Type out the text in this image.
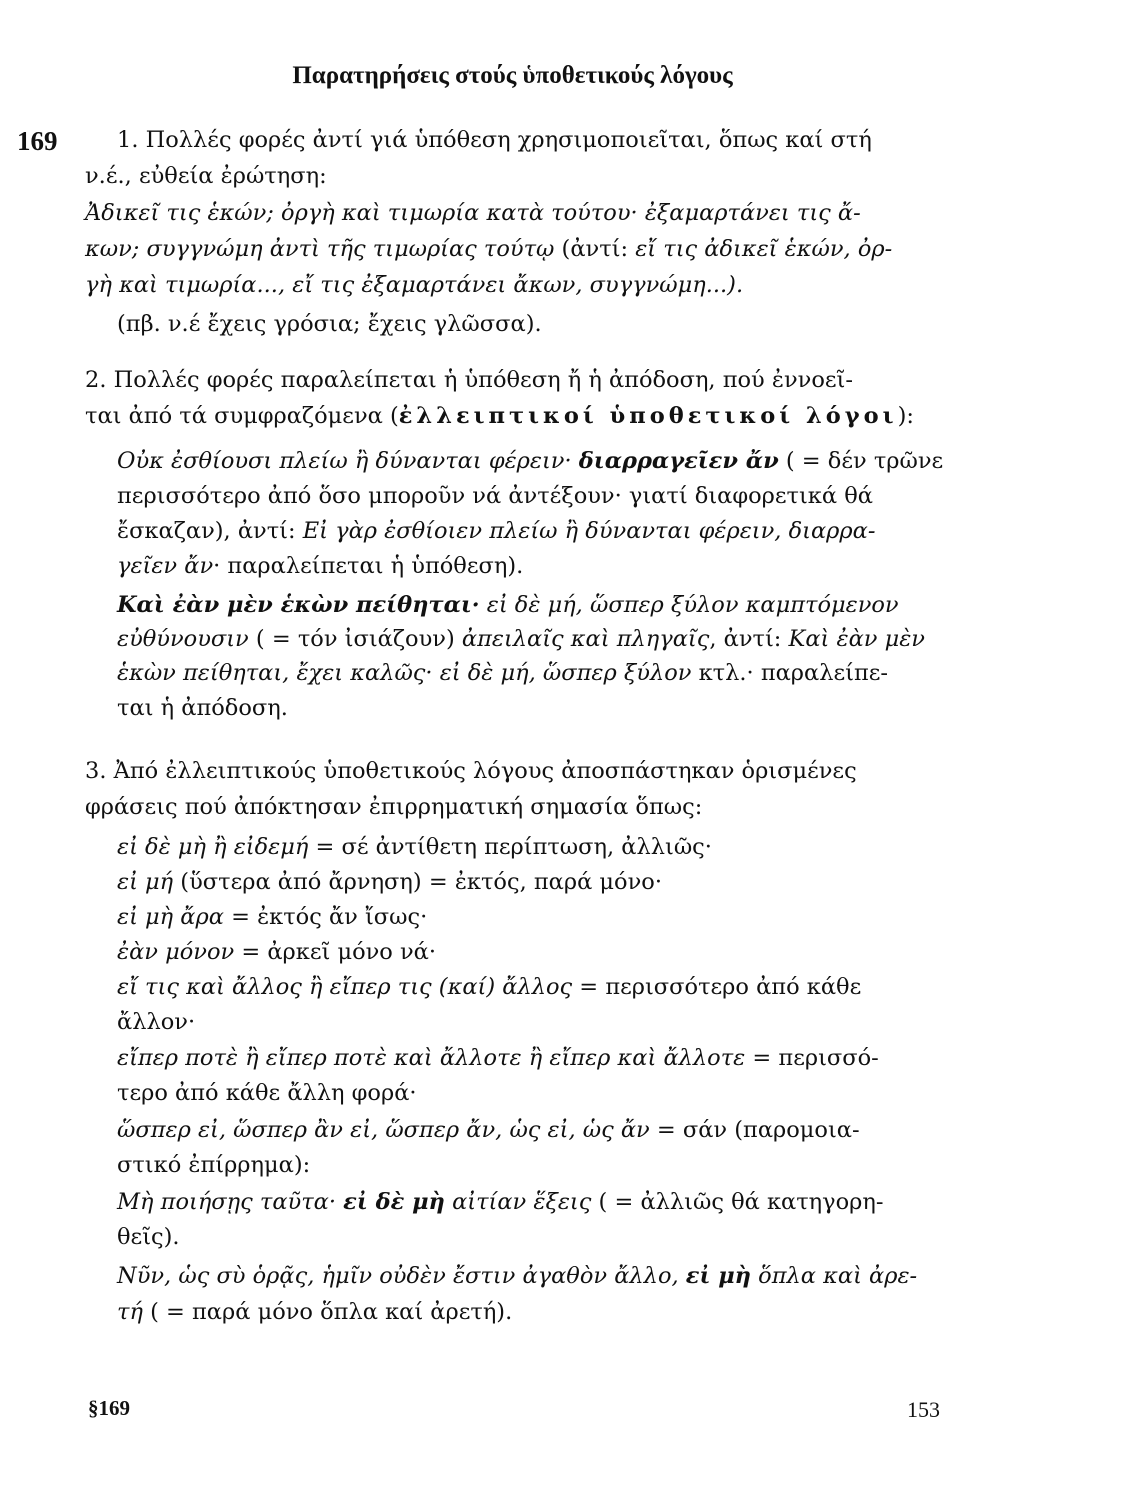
Παρατηρήσεις στούς ὑποθετικούς λόγους
169	1. Πολλές φορές ἀντί γιά ὑπόθεση χρησιμοποιεῖται, ὅπως καί στή
ν.έ., εὐθεία ἐρώτηση:
Ἀδικεῖ τις ἑκών; ὀργὴ καὶ τιμωρία κατὰ τούτου· ἐξαμαρτάνει τις ἄ-
κων; συγγνώμη ἀντὶ τῆς τιμωρίας τούτῳ (ἀντί: εἴ τις ἀδικεῖ ἑκών, ὀρ-
γὴ καὶ τιμωρία..., εἴ τις ἐξαμαρτάνει ἄκων, συγγνώμη...).
(πβ. ν.έ ἔχεις γρόσια; ἔχεις γλῶσσα).
2. Πολλές φορές παραλείπεται ἡ ὑπόθεση ἤ ἡ ἀπόδοση, πού ἐννοεῖ-
ται ἀπό τά συμφραζόμενα (ἐλλειπτικοί ὑποθετικοί λόγοι):
Οὐκ ἐσθίουσι πλείω ἢ δύνανται φέρειν· διαρραγεῖεν ἄν ( = δέν τρῶνε
περισσότερο ἀπό ὅσο μποροῦν νά ἀντέξουν· γιατί διαφορετικά θά
ἔσκαζαν), ἀντί: Εἰ γὰρ ἐσθίοιεν πλείω ἢ δύνανται φέρειν, διαρρα-
γεῖεν ἄν· παραλείπεται ἡ ὑπόθεση).
Καὶ ἐὰν μὲν ἑκὼν πείθηται· εἰ δὲ μή, ὥσπερ ξύλον καμπτόμενον
εὐθύνουσιν ( = τόν ἰσιάζουν) ἀπειλαῖς καὶ πληγαῖς, ἀντί: Καὶ ἐὰν μὲν
ἑκὼν πείθηται, ἔχει καλῶς· εἰ δὲ μή, ὥσπερ ξύλον κτλ.· παραλείπε-
ται ἡ ἀπόδοση.
3. Ἀπό ἐλλειπτικούς ὑποθετικούς λόγους ἀποσπάστηκαν ὁρισμένες
φράσεις πού ἀπόκτησαν ἐπιρρηματική σημασία ὅπως:
εἰ δὲ μὴ ἢ εἰδεμή = σέ ἀντίθετη περίπτωση, ἀλλιῶς·
εἰ μή (ὕστερα ἀπό ἄρνηση) = ἐκτός, παρά μόνο·
εἰ μὴ ἄρα = ἐκτός ἄν ἴσως·
ἐὰν μόνον = ἀρκεῖ μόνο νά·
εἴ τις καὶ ἄλλος ἢ εἴπερ τις (καί) ἄλλος = περισσότερο ἀπό κάθε
ἄλλον·
εἴπερ ποτὲ ἢ εἴπερ ποτὲ καὶ ἄλλοτε ἢ εἴπερ καὶ ἄλλοτε = περισσό-
τερο ἀπό κάθε ἄλλη φορά·
ὥσπερ εἰ, ὥσπερ ἂν εἰ, ὥσπερ ἄν, ὡς εἰ, ὡς ἄν = σάν (παρομοια-
στικό ἐπίρρημα):
Μὴ ποιήσῃς ταῦτα· εἰ δὲ μὴ αἰτίαν ἕξεις ( = ἀλλιῶς θά κατηγορη-
θεῖς).
Νῦν, ὡς σὺ ὁρᾷς, ἡμῖν οὐδὲν ἔστιν ἀγαθὸν ἄλλο, εἰ μὴ ὅπλα καὶ ἀρε-
τή ( = παρά μόνο ὅπλα καί ἀρετή).
§169	153
